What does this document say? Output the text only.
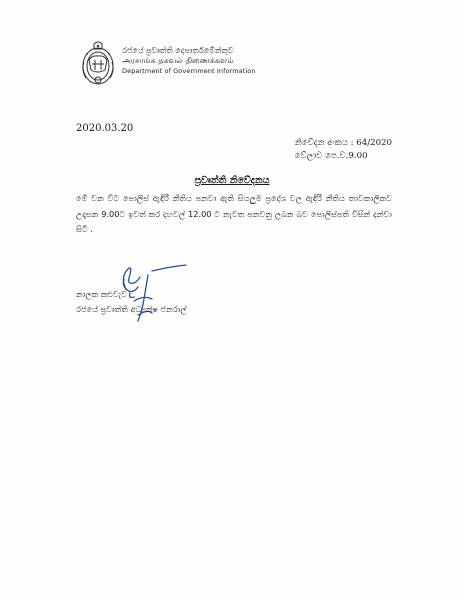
රජයේ ප්‍රවෘත්ති දෙපාර්තමේන්තුව
அரசாங்க தகவல் திணைக்களம்
Department of Government Information
2020.03.20
නිවේදන අංකය : 64/2020
වේලාව පෙ.ව.9.00
ප්‍රවෘත්ති නිවේදනය
මේ වන විට පොලිස් ඇඳිරි නීතිය පනවා ඇති සියලුම ප්‍රදේශ වල ඇඳිරි නීතිය තාවකාලිකව උදෑසන 9.00ට ඉවත් කර දහවල් 12.00 ට නැවත පනවනු ලබන බව පොලිස්පති විසින් දන්වා සිටී .
නාලක කළුවැව
රජයේ ප්‍රවෘත්ති අධ්‍යක්ෂ ජනරාල්
